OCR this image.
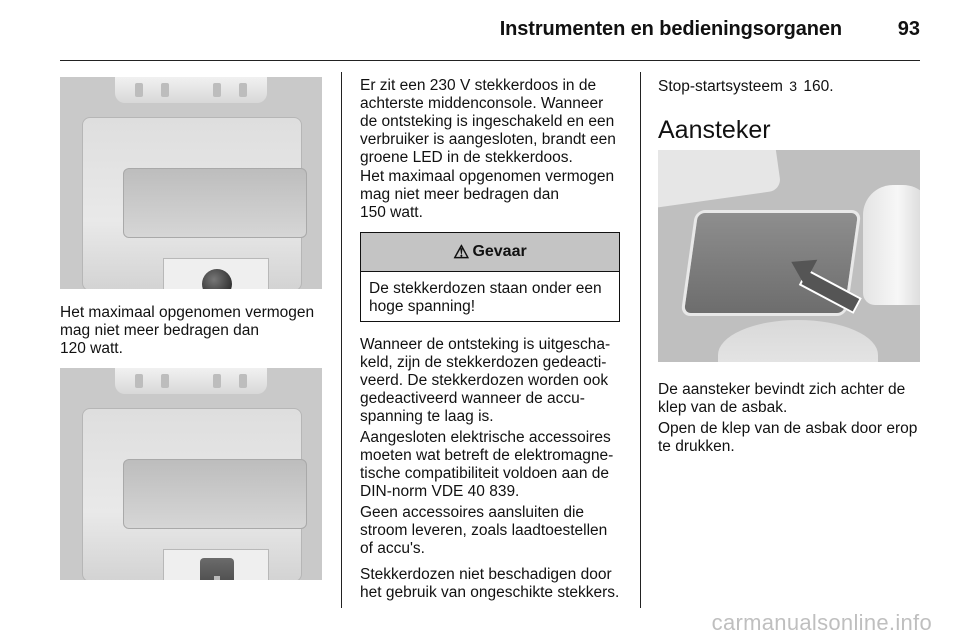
Instrumenten en bedieningsorganen	93

Het maximaal opgenomen vermogen
mag niet meer bedragen dan
120 watt.

Er zit een 230 V stekkerdoos in de
achterste middenconsole. Wanneer
de ontsteking is ingeschakeld en een
verbruiker is aangesloten, brandt een
groene LED in de stekkerdoos.

Het maximaal opgenomen vermogen
mag niet meer bedragen dan
150 watt.

⚠ Gevaar
De stekkerdozen staan onder een
hoge spanning!

Wanneer de ontsteking is uitgescha-
keld, zijn de stekkerdozen gedeacti-
veerd. De stekkerdozen worden ook
gedeactiveerd wanneer de accu-
spanning te laag is.

Aangesloten elektrische accessoires
moeten wat betreft de elektromagne-
tische compatibiliteit voldoen aan de
DIN-norm VDE 40 839.

Geen accessoires aansluiten die
stroom leveren, zoals laadtoestellen
of accu's.

Stekkerdozen niet beschadigen door
het gebruik van ongeschikte stekkers.

Stop-startsysteem 3 160.

Aansteker

De aansteker bevindt zich achter de
klep van de asbak.

Open de klep van de asbak door erop
te drukken.

carmanualsonline.info
